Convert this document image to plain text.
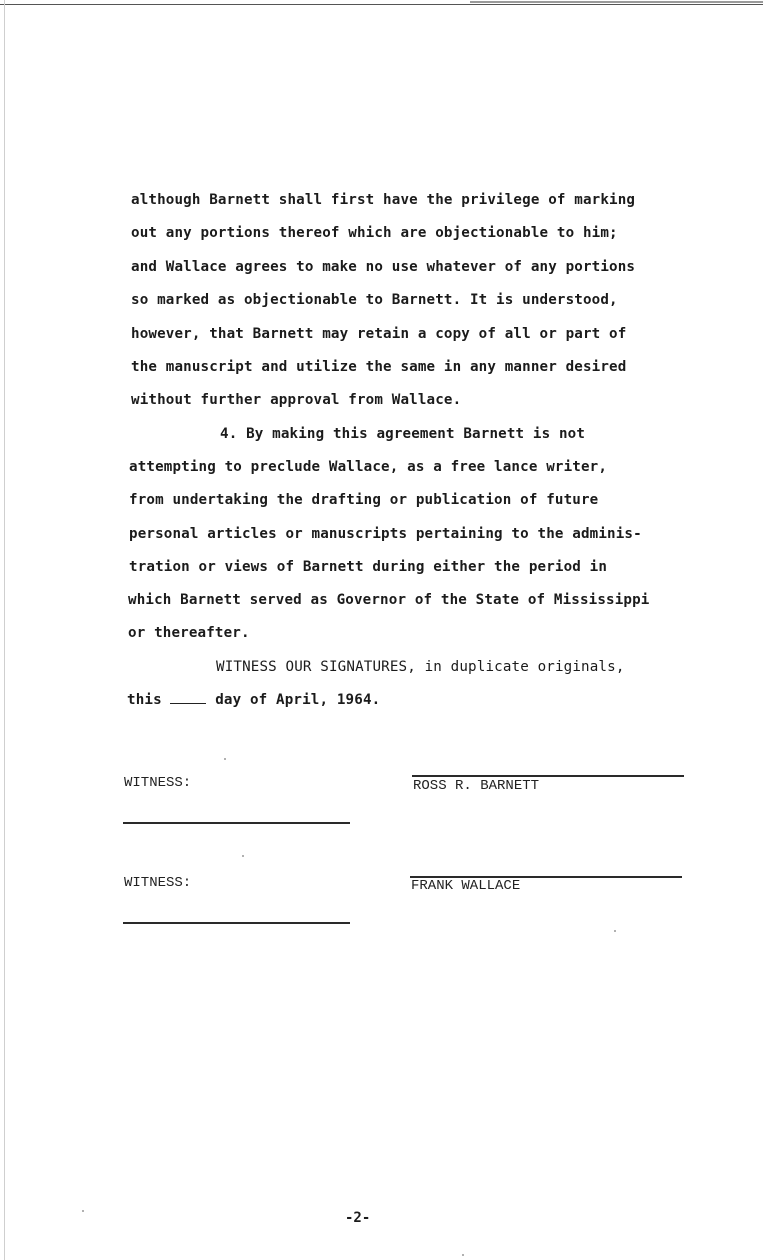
although Barnett shall first have the privilege of marking
out any portions thereof which are objectionable to him;
and Wallace agrees to make no use whatever of any portions
so marked as objectionable to Barnett. It is understood,
however, that Barnett may retain a copy of all or part of
the manuscript and utilize the same in any manner desired
without further approval from Wallace.
4. By making this agreement Barnett is not
attempting to preclude Wallace, as a free lance writer,
from undertaking the drafting or publication of future
personal articles or manuscripts pertaining to the adminis-
tration or views of Barnett during either the period in
which Barnett served as Governor of the State of Mississippi
or thereafter.
WITNESS OUR SIGNATURES, in duplicate originals,
this	day of April, 1964.
WITNESS:	ROSS R. BARNETT
WITNESS:	FRANK WALLACE
-2-
